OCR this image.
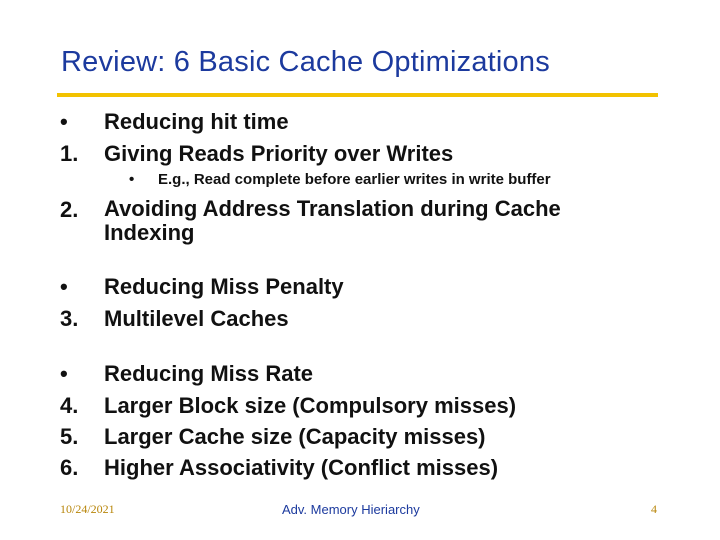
Review: 6 Basic Cache Optimizations
• Reducing hit time
1. Giving Reads Priority over Writes
• E.g., Read complete before earlier writes in write buffer
2. Avoiding Address Translation during Cache Indexing
• Reducing Miss Penalty
3. Multilevel Caches
• Reducing Miss Rate
4. Larger Block size (Compulsory misses)
5. Larger Cache size (Capacity misses)
6. Higher Associativity (Conflict misses)
10/24/2021	Adv. Memory Hieriarchy	4
